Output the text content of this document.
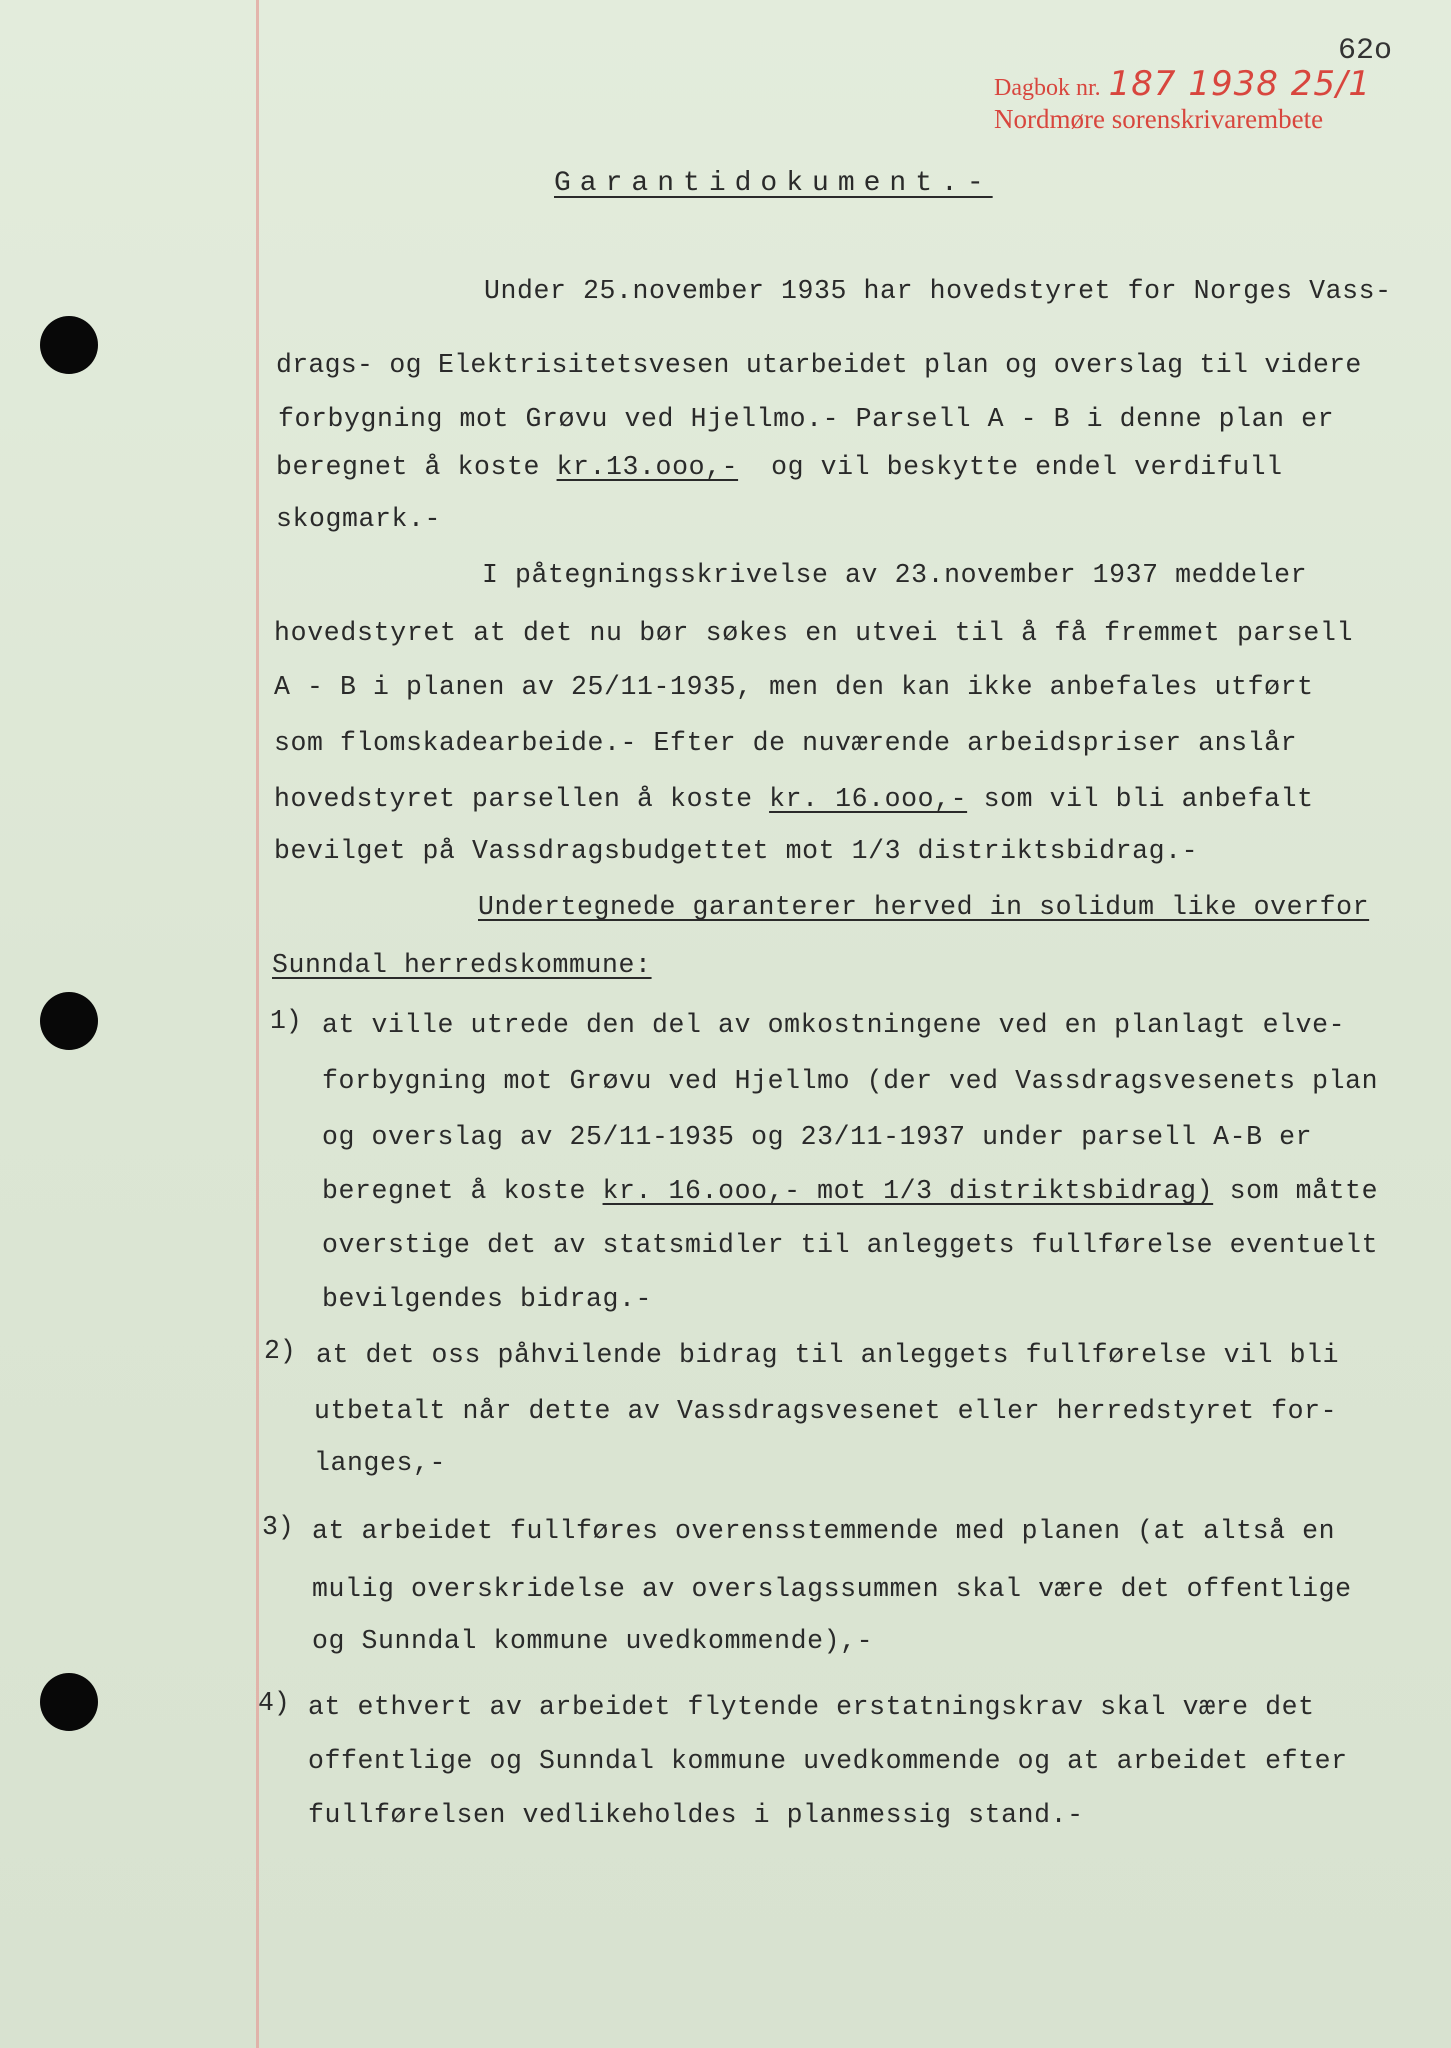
62o
Dagbok nr. 187 1938 25/1
Nordmøre sorenskrivarembete
Garantidokument.-
Under 25.november 1935 har hovedstyret for Norges Vass-
drags- og Elektrisitetsvesen utarbeidet plan og overslag til videre
forbygning mot Grøvu ved Hjellmo.- Parsell A - B i denne plan er
beregnet å koste kr.13.ooo,-  og vil beskytte endel verdifull
skogmark.-
I påtegningsskrivelse av 23.november 1937 meddeler
hovedstyret at det nu bør søkes en utvei til å få fremmet parsell
A - B i planen av 25/11-1935, men den kan ikke anbefales utført
som flomskadearbeide.- Efter de nuværende arbeidspriser anslår
hovedstyret parsellen å koste kr. 16.ooo,- som vil bli anbefalt
bevilget på Vassdragsbudgettet mot 1/3 distriktsbidrag.-
Undertegnede garanterer herved in solidum like overfor
Sunndal herredskommune:
1) at ville utrede den del av omkostningene ved en planlagt elve-
forbygning mot Grøvu ved Hjellmo (der ved Vassdragsvesenets plan
og overslag av 25/11-1935 og 23/11-1937 under parsell A-B er
beregnet å koste kr. 16.ooo,- mot 1/3 distriktsbidrag) som måtte
overstige det av statsmidler til anleggets fullførelse eventuelt
bevilgendes bidrag.-
2) at det oss påhvilende bidrag til anleggets fullførelse vil bli
utbetalt når dette av Vassdragsvesenet eller herredstyret for-
langes,-
3) at arbeidet fullføres overensstemmende med planen (at altså en
mulig overskridelse av overslagssummen skal være det offentlige
og Sunndal kommune uvedkommende),-
4) at ethvert av arbeidet flytende erstatningskrav skal være det
offentlige og Sunndal kommune uvedkommende og at arbeidet efter
fullførelsen vedlikeholdes i planmessig stand.-
